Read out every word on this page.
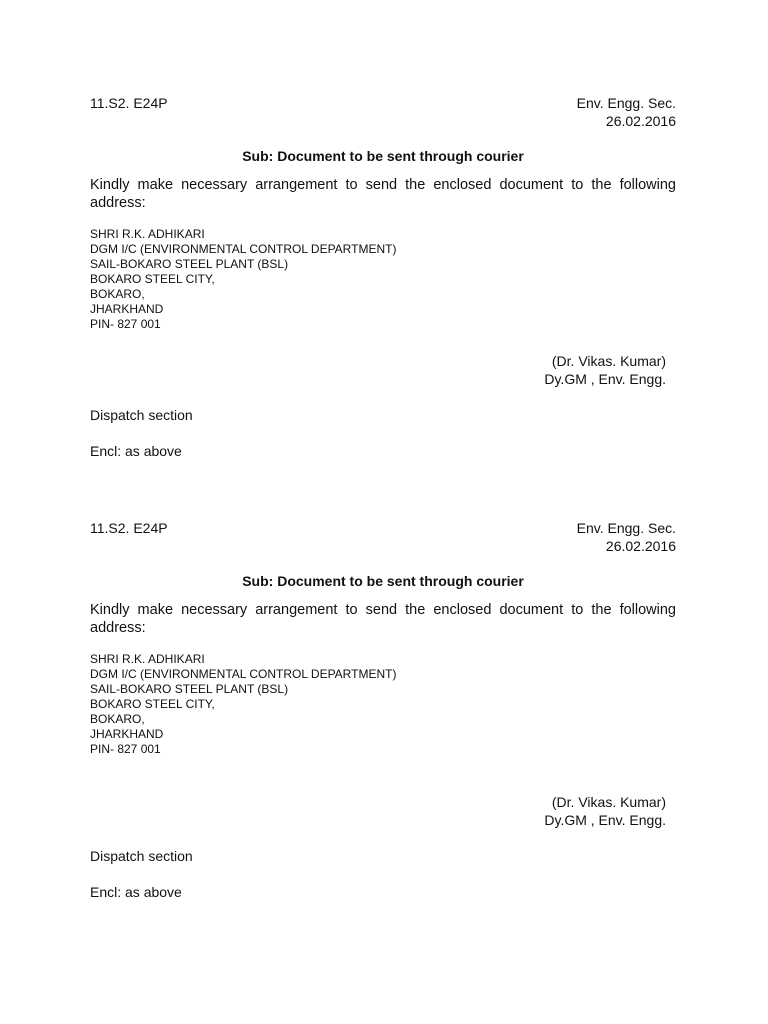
11.S2. E24P	Env. Engg. Sec.
26.02.2016
Sub: Document to be sent through courier
Kindly make necessary arrangement to send the enclosed document to the following address:
SHRI R.K. ADHIKARI
DGM I/C (ENVIRONMENTAL CONTROL DEPARTMENT)
SAIL-BOKARO STEEL PLANT (BSL)
BOKARO STEEL CITY,
BOKARO,
JHARKHAND
PIN- 827 001
(Dr. Vikas. Kumar)
Dy.GM , Env. Engg.
Dispatch section
Encl: as above
11.S2. E24P	Env. Engg. Sec.
26.02.2016
Sub: Document to be sent through courier
Kindly make necessary arrangement to send the enclosed document to the following address:
SHRI R.K. ADHIKARI
DGM I/C (ENVIRONMENTAL CONTROL DEPARTMENT)
SAIL-BOKARO STEEL PLANT (BSL)
BOKARO STEEL CITY,
BOKARO,
JHARKHAND
PIN- 827 001
(Dr. Vikas. Kumar)
Dy.GM , Env. Engg.
Dispatch section
Encl: as above
